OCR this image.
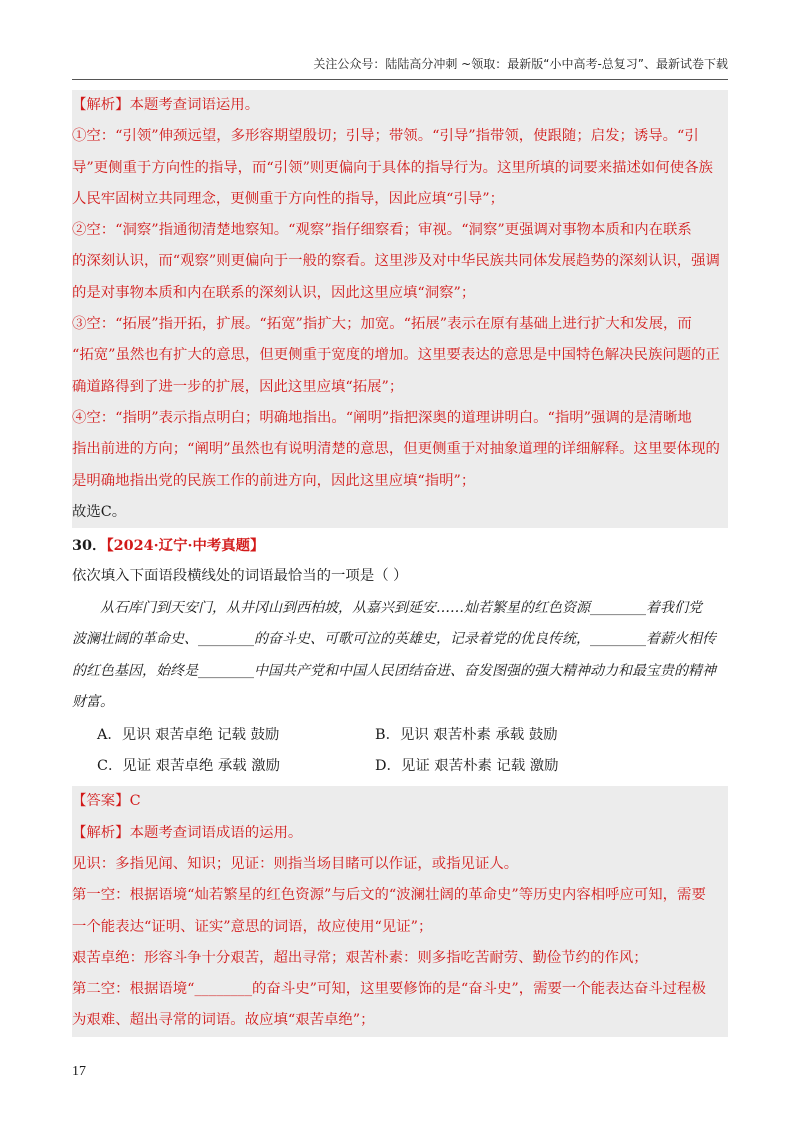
关注公众号：陆陆高分冲刺 ~领取：最新版“小中高考-总复习”、最新试卷下载
【解析】本题考查词语运用。
①空：“引领”伸颈远望，多形容期望殷切；引导；带领。“引导”指带领，使跟随；启发；诱导。“引
导”更侧重于方向性的指导，而“引领”则更偏向于具体的指导行为。这里所填的词要来描述如何使各族
人民牢固树立共同理念，更侧重于方向性的指导，因此应填“引导”；
②空：“洞察”指通彻清楚地察知。“观察”指仔细察看；审视。“洞察”更强调对事物本质和内在联系
的深刻认识，而“观察”则更偏向于一般的察看。这里涉及对中华民族共同体发展趋势的深刻认识，强调
的是对事物本质和内在联系的深刻认识，因此这里应填“洞察”；
③空：“拓展”指开拓，扩展。“拓宽”指扩大；加宽。“拓展”表示在原有基础上进行扩大和发展，而
“拓宽”虽然也有扩大的意思，但更侧重于宽度的增加。这里要表达的意思是中国特色解决民族问题的正
确道路得到了进一步的扩展，因此这里应填“拓展”；
④空：“指明”表示指点明白；明确地指出。“阐明”指把深奥的道理讲明白。“指明”强调的是清晰地
指出前进的方向；“阐明”虽然也有说明清楚的意思，但更侧重于对抽象道理的详细解释。这里要体现的
是明确地指出党的民族工作的前进方向，因此这里应填“指明”；
故选C。
30．【2024·辽宁·中考真题】
依次填入下面语段横线处的词语最恰当的一项是（ ）
从石库门到天安门，从井冈山到西柏坡，从嘉兴到延安……灿若繁星的红色资源________着我们党
波澜壮阔的革命史、________的奋斗史、可歌可泣的英雄史，记录着党的优良传统，________着薪火相传
的红色基因，始终是________中国共产党和中国人民团结奋进、奋发图强的强大精神动力和最宝贵的精神
财富。
A．见识 艰苦卓绝 记载 鼓励	B．见识 艰苦朴素 承载 鼓励
C．见证 艰苦卓绝 承载 激励	D．见证 艰苦朴素 记载 激励
【答案】C
【解析】本题考查词语成语的运用。
见识：多指见闻、知识；见证：则指当场目睹可以作证，或指见证人。
第一空：根据语境“灿若繁星的红色资源”与后文的“波澜壮阔的革命史”等历史内容相呼应可知，需要
一个能表达“证明、证实”意思的词语，故应使用“见证”；
艰苦卓绝：形容斗争十分艰苦，超出寻常；艰苦朴素：则多指吃苦耐劳、勤俭节约的作风；
第二空：根据语境“________的奋斗史”可知，这里要修饰的是“奋斗史”，需要一个能表达奋斗过程极
为艰难、超出寻常的词语。故应填“艰苦卓绝”；
17
